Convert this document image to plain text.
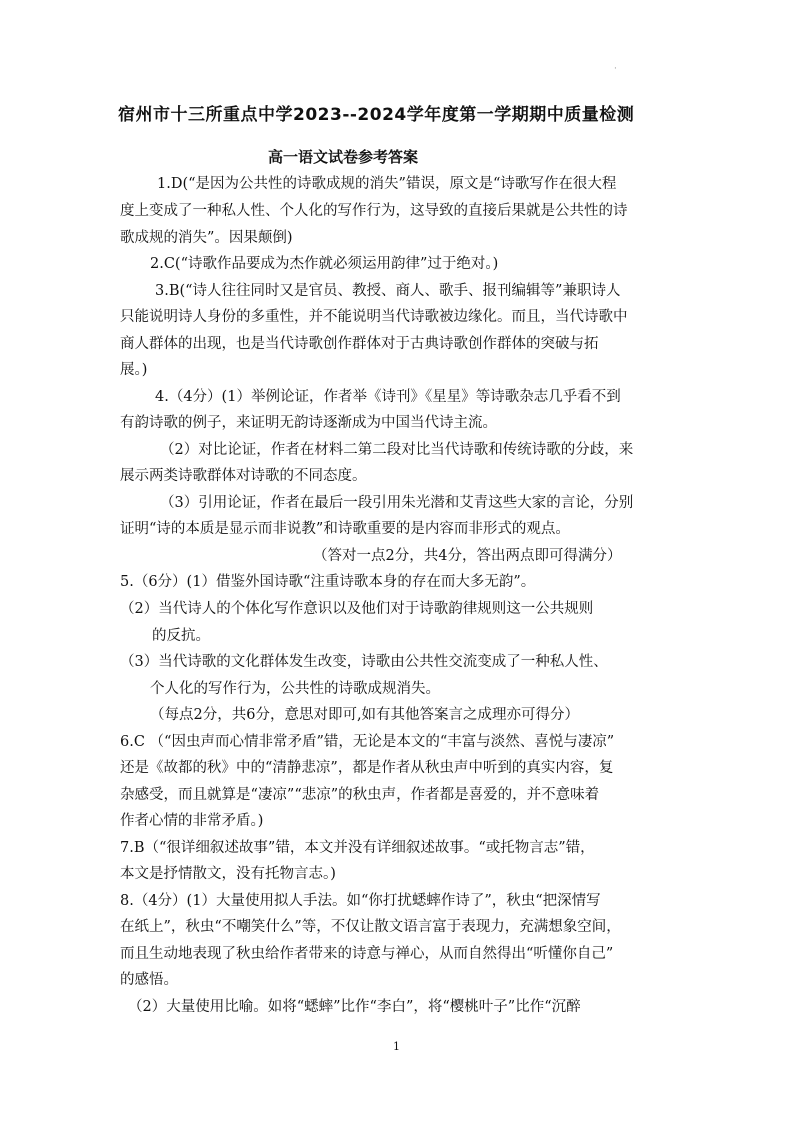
·
宿州市十三所重点中学2023--2024学年度第一学期期中质量检测
高一语文试卷参考答案
1.D(“是因为公共性的诗歌成规的消失”错误，原文是“诗歌写作在很大程
度上变成了一种私人性、个人化的写作行为，这导致的直接后果就是公共性的诗
歌成规的消失”。因果颠倒)
2.C(“诗歌作品要成为杰作就必须运用韵律”过于绝对。)
3.B(“诗人往往同时又是官员、教授、商人、歌手、报刊编辑等”兼职诗人
只能说明诗人身份的多重性，并不能说明当代诗歌被边缘化。而且，当代诗歌中
商人群体的出现，也是当代诗歌创作群体对于古典诗歌创作群体的突破与拓
展。)
4.（4分）(1）举例论证，作者举《诗刊》《星星》等诗歌杂志几乎看不到
有韵诗歌的例子，来证明无韵诗逐渐成为中国当代诗主流。
（2）对比论证，作者在材料二第二段对比当代诗歌和传统诗歌的分歧，来
展示两类诗歌群体对诗歌的不同态度。
（3）引用论证，作者在最后一段引用朱光潜和艾青这些大家的言论，分别
证明“诗的本质是显示而非说教”和诗歌重要的是内容而非形式的观点。
（答对一点2分，共4分，答出两点即可得满分）
5.（6分）(1）借鉴外国诗歌“注重诗歌本身的存在而大多无韵”。
（2）当代诗人的个体化写作意识以及他们对于诗歌韵律规则这一公共规则
的反抗。
（3）当代诗歌的文化群体发生改变，诗歌由公共性交流变成了一种私人性、
个人化的写作行为，公共性的诗歌成规消失。
（每点2分，共6分，意思对即可,如有其他答案言之成理亦可得分）
6.C （“因虫声而心情非常矛盾”错，无论是本文的“丰富与淡然、喜悦与凄凉”
还是《故都的秋》中的“清静悲凉”，都是作者从秋虫声中听到的真实内容，复
杂感受，而且就算是“凄凉”“悲凉”的秋虫声，作者都是喜爱的，并不意味着
作者心情的非常矛盾。)
7.B（“很详细叙述故事”错，本文并没有详细叙述故事。“或托物言志”错，
本文是抒情散文，没有托物言志。)
8.（4分）(1）大量使用拟人手法。如“你打扰蟋蟀作诗了”，秋虫“把深情写
在纸上”，秋虫“不嘲笑什么”等，不仅让散文语言富于表现力，充满想象空间，
而且生动地表现了秋虫给作者带来的诗意与禅心，从而自然得出“听懂你自己”
的感悟。
（2）大量使用比喻。如将“蟋蟀”比作“李白”，将“樱桃叶子”比作“沉醉
1
